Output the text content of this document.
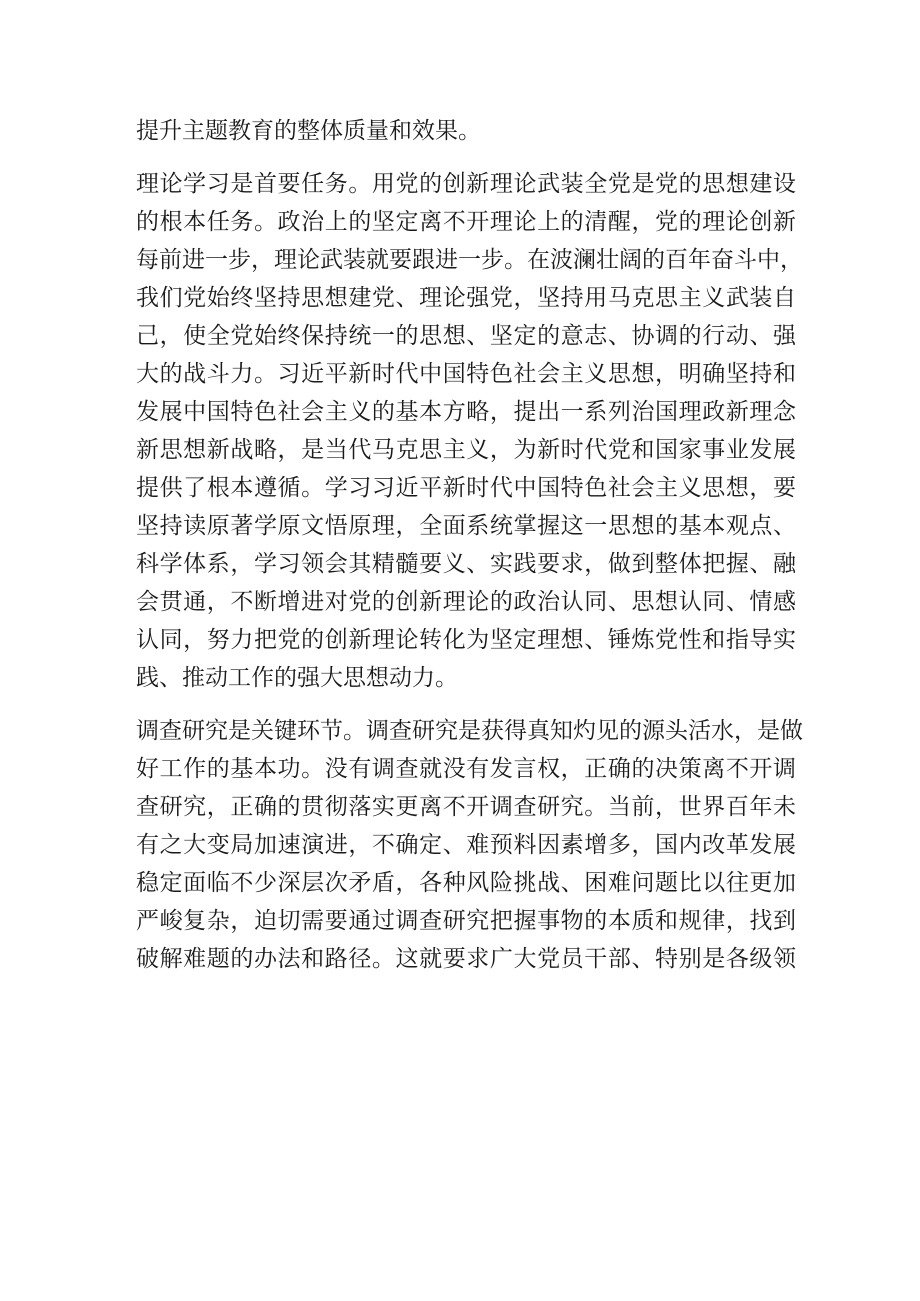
提升主题教育的整体质量和效果。
理论学习是首要任务。用党的创新理论武装全党是党的思想建设
的根本任务。政治上的坚定离不开理论上的清醒，党的理论创新
每前进一步，理论武装就要跟进一步。在波澜壮阔的百年奋斗中，
我们党始终坚持思想建党、理论强党，坚持用马克思主义武装自
己，使全党始终保持统一的思想、坚定的意志、协调的行动、强
大的战斗力。习近平新时代中国特色社会主义思想，明确坚持和
发展中国特色社会主义的基本方略，提出一系列治国理政新理念
新思想新战略，是当代马克思主义，为新时代党和国家事业发展
提供了根本遵循。学习习近平新时代中国特色社会主义思想，要
坚持读原著学原文悟原理，全面系统掌握这一思想的基本观点、
科学体系，学习领会其精髓要义、实践要求，做到整体把握、融
会贯通，不断增进对党的创新理论的政治认同、思想认同、情感
认同，努力把党的创新理论转化为坚定理想、锤炼党性和指导实
践、推动工作的强大思想动力。
调查研究是关键环节。调查研究是获得真知灼见的源头活水，是做
好工作的基本功。没有调查就没有发言权，正确的决策离不开调
查研究，正确的贯彻落实更离不开调查研究。当前，世界百年未
有之大变局加速演进，不确定、难预料因素增多，国内改革发展
稳定面临不少深层次矛盾，各种风险挑战、困难问题比以往更加
严峻复杂，迫切需要通过调查研究把握事物的本质和规律，找到
破解难题的办法和路径。这就要求广大党员干部、特别是各级领
